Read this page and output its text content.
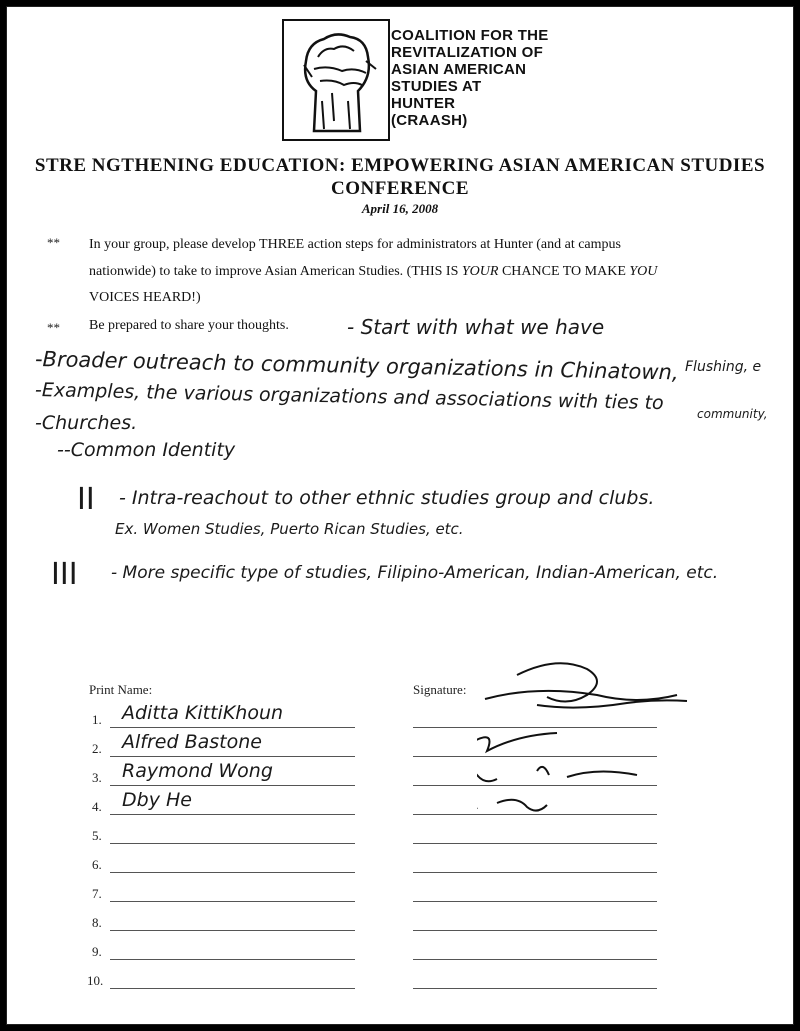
COALITION FOR THE
REVITALIZATION OF
ASIAN AMERICAN
STUDIES AT
HUNTER
(CRAASH)
STRE NGTHENING EDUCATION: EMPOWERING ASIAN AMERICAN STUDIES
CONFERENCE
April 16, 2008
** In your group, please develop THREE action steps for administrators at Hunter (and at campus
nationwide) to take to improve Asian American Studies. (THIS IS YOUR CHANCE TO MAKE YOU
VOICES HEARD!)
** Be prepared to share your thoughts.	- Start with what we have
-Broader outreach to community organizations in Chinatown, Flushing, e
-Examples, the various organizations and associations with ties to	community,
-Churches.
--Common Identity
II - Intra-reachout to other ethnic studies group and clubs.
Ex. Women Studies, Puerto Rican Studies, etc.
III - More specific type of studies, Filipino-American, Indian-American, etc.
Print Name:	Signature:
1. Aditta KittiKhoun
2. Alfred Bastone
3. Raymond Wong
4. Dby He
5.
6.
7.
8.
9.
10.
